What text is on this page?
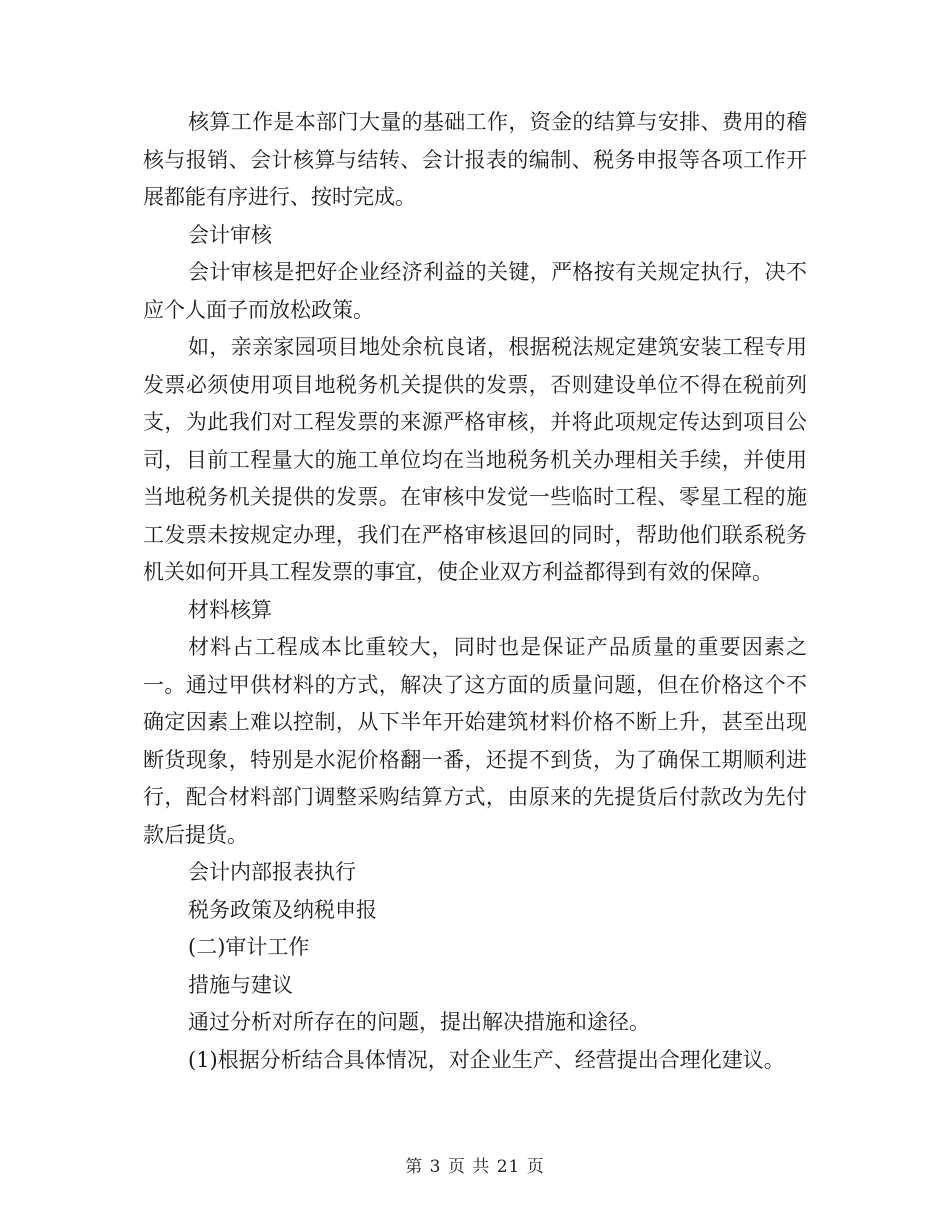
核算工作是本部门大量的基础工作，资金的结算与安排、费用的稽核与报销、会计核算与结转、会计报表的编制、税务申报等各项工作开展都能有序进行、按时完成。

会计审核

会计审核是把好企业经济利益的关键，严格按有关规定执行，决不应个人面子而放松政策。

如，亲亲家园项目地处余杭良诸，根据税法规定建筑安装工程专用发票必须使用项目地税务机关提供的发票，否则建设单位不得在税前列支，为此我们对工程发票的来源严格审核，并将此项规定传达到项目公司，目前工程量大的施工单位均在当地税务机关办理相关手续，并使用当地税务机关提供的发票。在审核中发觉一些临时工程、零星工程的施工发票未按规定办理，我们在严格审核退回的同时，帮助他们联系税务机关如何开具工程发票的事宜，使企业双方利益都得到有效的保障。

材料核算

材料占工程成本比重较大，同时也是保证产品质量的重要因素之一。通过甲供材料的方式，解决了这方面的质量问题，但在价格这个不确定因素上难以控制，从下半年开始建筑材料价格不断上升，甚至出现断货现象，特别是水泥价格翻一番，还提不到货，为了确保工期顺利进行，配合材料部门调整采购结算方式，由原来的先提货后付款改为先付款后提货。

会计内部报表执行

税务政策及纳税申报

(二)审计工作

措施与建议

通过分析对所存在的问题，提出解决措施和途径。

(1)根据分析结合具体情况，对企业生产、经营提出合理化建议。

第 3 页 共 21 页
